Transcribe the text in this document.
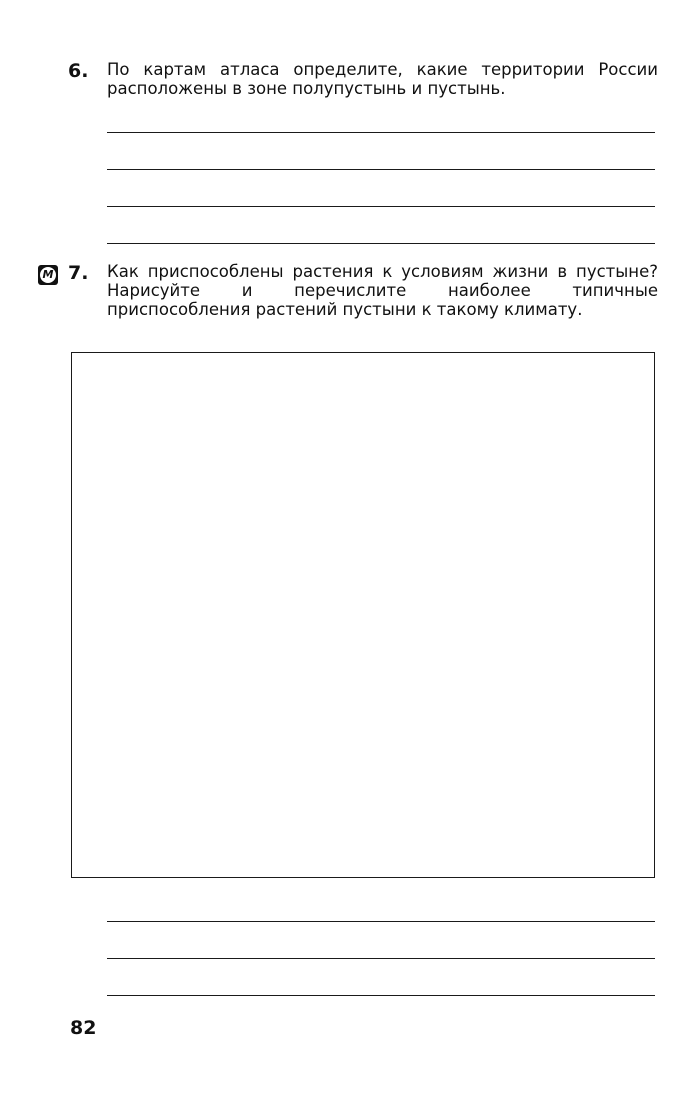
6. По картам атласа определите, какие территории России расположены в зоне полупустынь и пустынь.
М 7. Как приспособлены растения к условиям жизни в пустыне? Нарисуйте и перечислите наиболее типичные приспособления растений пустыни к такому климату.
82
